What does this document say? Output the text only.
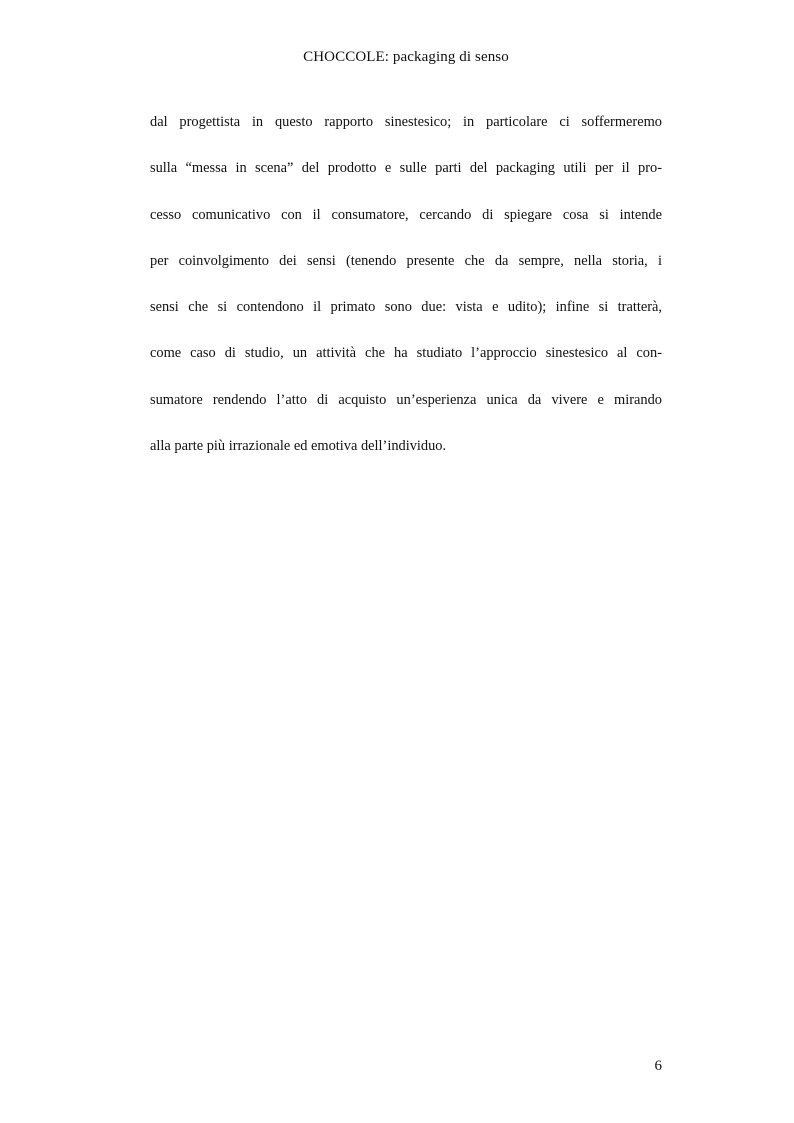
CHOCCOLE: packaging di senso
dal progettista in questo rapporto sinestesico; in particolare ci soffermeremo
sulla “messa in scena” del prodotto e sulle parti del packaging utili per il pro-
cesso comunicativo con il consumatore, cercando di spiegare cosa si intende
per coinvolgimento dei sensi (tenendo presente che da sempre, nella storia, i
sensi che si contendono il primato sono due: vista e udito); infine si tratterà,
come caso di studio, un attività che ha studiato l’approccio sinestesico al con-
sumatore rendendo l’atto di acquisto un’esperienza unica da vivere e mirando
alla parte più irrazionale ed emotiva dell’individuo.
6
